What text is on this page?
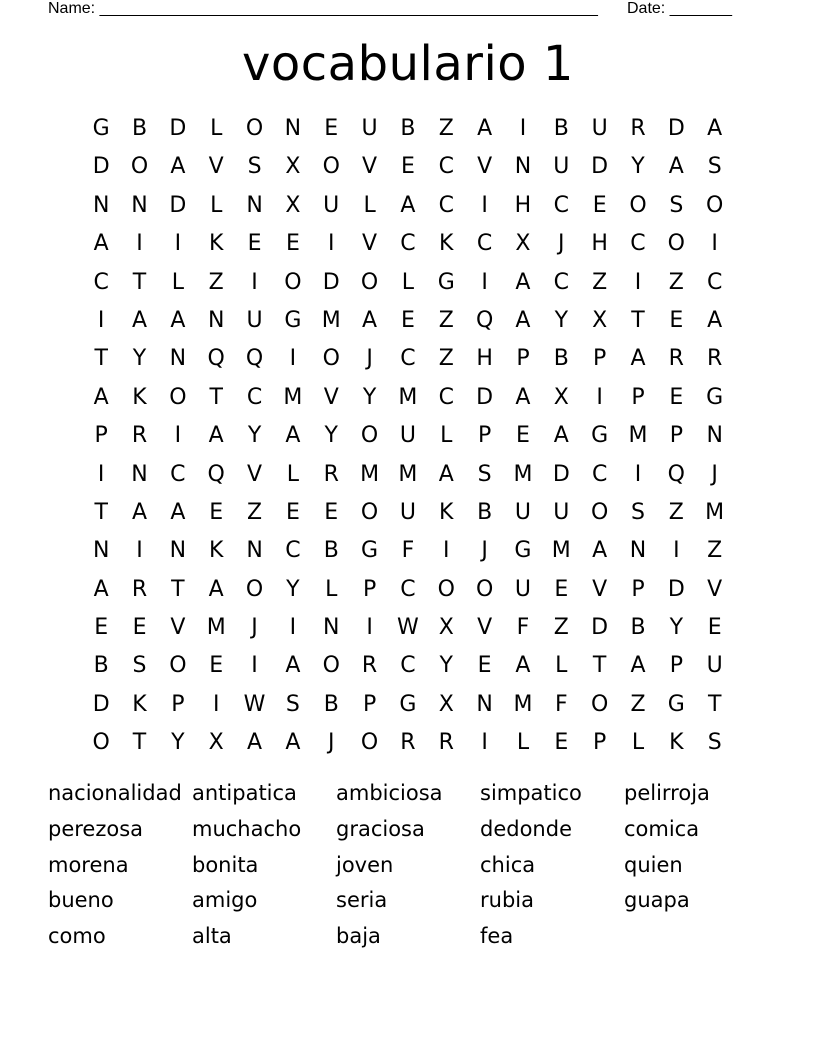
Name: ________________________________________________________ Date: _______
vocabulario 1
G	B	D	L	O N	E	U	B	Z	A	I	B	U	R	D	A
D O	A	V	S	X	O	V	E	C	V	N	U D	Y	A	S
N N D	L	N	X	U	L	A	C	I	H	C	E	O	S	O
A	I	I	K	E	E	I	V	C	K	C	X	J	H	C O	I
C	T	L	Z	I	O D O	L	G	I	A	C	Z	I	Z	C
I	A	A	N	U G M A	E	Z	Q	A	Y	X	T	E	A
T	Y	N Q Q	I	O	J	C	Z	H	P	B	P	A	R	R
A	K	O	T	C M V	Y	M C	D	A	X	I	P	E	G
P	R	I	A	Y	A	Y	O U	L	P	E	A	G M	P	N
I	N	C Q	V	L	R M M A	S M D	C	I	Q	J
T	A	A	E	Z	E	E	O U	K	B	U	U O	S	Z M
N	I	N	K	N	C	B	G	F	I	J	G M A	N	I	Z
A	R	T	A	O	Y	L	P	C O O U	E	V	P	D	V
E	E	V M	J	I	N	I	W X	V	F	Z	D	B	Y	E
B	S	O	E	I	A	O	R	C	Y	E	A	L	T	A	P	U
D	K	P	I	W S	B	P	G	X	N M	F	O	Z	G	T
O	T	Y	X	A	A	J	O	R	R	I	L	E	P	L	K	S
nacionalidad antipatica	ambiciosa	simpatico	pelirroja
perezosa	muchacho	graciosa	dedonde	comica
morena	bonita	joven	chica	quien
bueno	amigo	seria	rubia	guapa
como	alta	baja	fea
